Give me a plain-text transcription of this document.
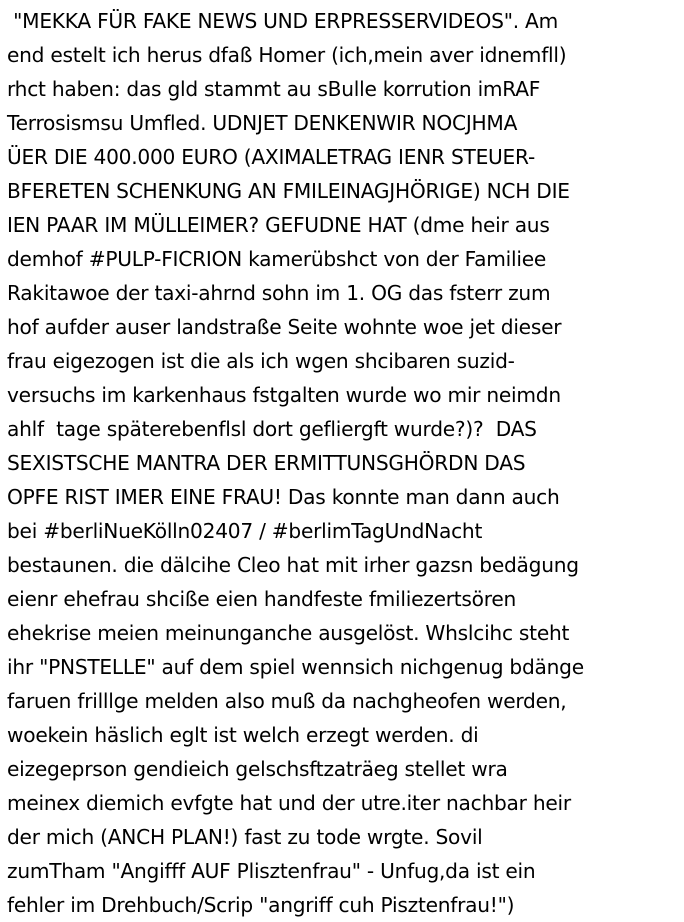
"MEKKA FÜR FAKE NEWS UND ERPRESSERVIDEOS". Am
end estelt ich herus dfaß Homer (ich,mein aver idnemfll)
rhct haben: das gld stammt au sBulle korrution imRAF
Terrosismsu Umfled. UDNJET DENKENWIR NOCJHMA
ÜER DIE 400.000 EURO (AXIMALETRAG IENR STEUER-
BFERETEN SCHENKUNG AN FMILEINAGJHÖRIGE) NCH DIE
IEN PAAR IM MÜLLEIMER? GEFUDNE HAT (dme heir aus
demhof #PULP-FICRION kamerübshct von der Familiee
Rakitawoe der taxi-ahrnd sohn im 1. OG das fsterr zum
hof aufder auser landstraße Seite wohnte woe jet dieser
frau eigezogen ist die als ich wgen shcibaren suzid-
versuchs im karkenhaus fstgalten wurde wo mir neimdn
ahlf  tage späterebenflsl dort gefliergft wurde?)?  DAS
SEXISTSCHE MANTRA DER ERMITTUNSGHÖRDN DAS
OPFE RIST IMER EINE FRAU! Das konnte man dann auch
bei #berliNueKölln02407 / #berlimTagUndNacht
bestaunen. die dälcihe Cleo hat mit irher gazsn bedägung
eienr ehefrau shciße eien handfeste fmiliezertsören
ehekrise meien meinunganche ausgelöst. Whslcihc steht
ihr "PNSTELLE" auf dem spiel wennsich nichgenug bdänge
faruen frilllge melden also muß da nachgheofen werden,
woekein häslich eglt ist welch erzegt werden. di
eizegeprson gendieich gelschsftzaträeg stellet wra
meinex diemich evfgte hat und der utre.iter nachbar heir
der mich (ANCH PLAN!) fast zu tode wrgte. Sovil
zumTham "Angifff AUF Plisztenfrau" - Unfug,da ist ein
fehler im Drehbuch/Scrip "angriff cuh Pisztenfrau!")
